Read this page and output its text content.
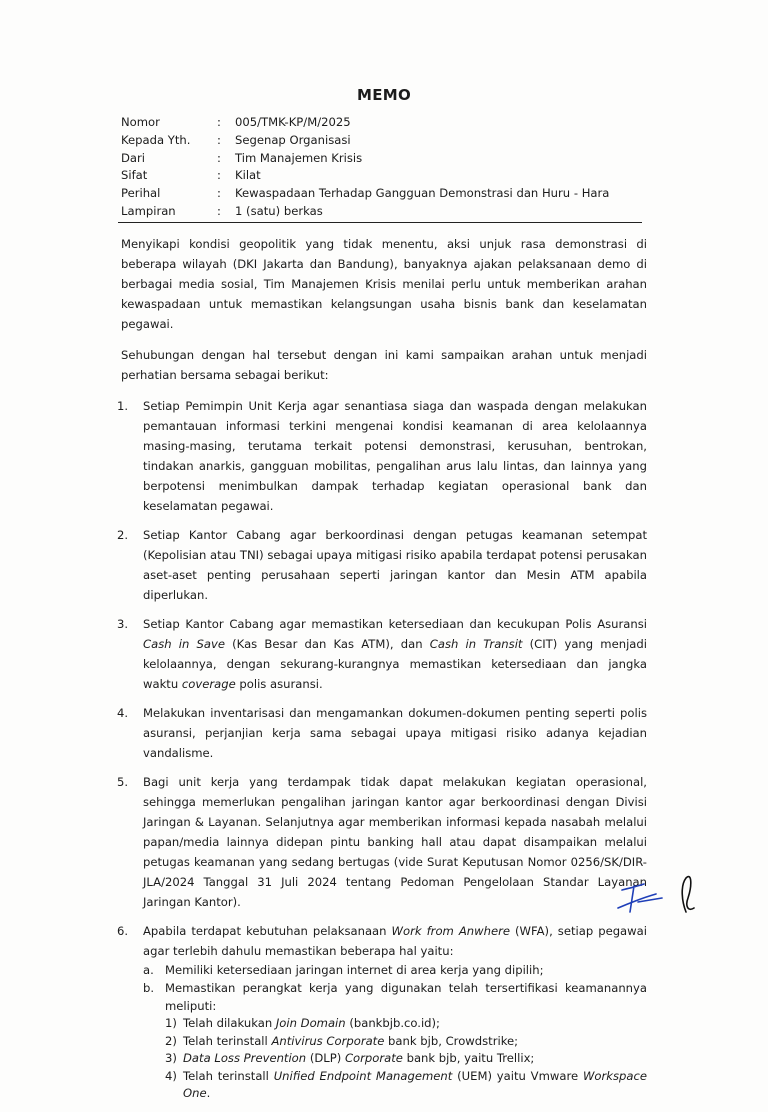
MEMO
Nomor	:	005/TMK-KP/M/2025
Kepada Yth.	:	Segenap Organisasi
Dari	:	Tim Manajemen Krisis
Sifat	:	Kilat
Perihal	:	Kewaspadaan Terhadap Gangguan Demonstrasi dan Huru - Hara
Lampiran	:	1 (satu) berkas

Menyikapi kondisi geopolitik yang tidak menentu, aksi unjuk rasa demonstrasi di beberapa wilayah (DKI Jakarta dan Bandung), banyaknya ajakan pelaksanaan demo di berbagai media sosial, Tim Manajemen Krisis menilai perlu untuk memberikan arahan kewaspadaan untuk memastikan kelangsungan usaha bisnis bank dan keselamatan pegawai.

Sehubungan dengan hal tersebut dengan ini kami sampaikan arahan untuk menjadi perhatian bersama sebagai berikut:

1.	Setiap Pemimpin Unit Kerja agar senantiasa siaga dan waspada dengan melakukan pemantauan informasi terkini mengenai kondisi keamanan di area kelolaannya masing-masing, terutama terkait potensi demonstrasi, kerusuhan, bentrokan, tindakan anarkis, gangguan mobilitas, pengalihan arus lalu lintas, dan lainnya yang berpotensi menimbulkan dampak terhadap kegiatan operasional bank dan keselamatan pegawai.
2.	Setiap Kantor Cabang agar berkoordinasi dengan petugas keamanan setempat (Kepolisian atau TNI) sebagai upaya mitigasi risiko apabila terdapat potensi perusakan aset-aset penting perusahaan seperti jaringan kantor dan Mesin ATM apabila diperlukan.
3.	Setiap Kantor Cabang agar memastikan ketersediaan dan kecukupan Polis Asuransi Cash in Save (Kas Besar dan Kas ATM), dan Cash in Transit (CIT) yang menjadi kelolaannya, dengan sekurang-kurangnya memastikan ketersediaan dan jangka waktu coverage polis asuransi.
4.	Melakukan inventarisasi dan mengamankan dokumen-dokumen penting seperti polis asuransi, perjanjian kerja sama sebagai upaya mitigasi risiko adanya kejadian vandalisme.
5.	Bagi unit kerja yang terdampak tidak dapat melakukan kegiatan operasional, sehingga memerlukan pengalihan jaringan kantor agar berkoordinasi dengan Divisi Jaringan & Layanan. Selanjutnya agar memberikan informasi kepada nasabah melalui papan/media lainnya didepan pintu banking hall atau dapat disampaikan melalui petugas keamanan yang sedang bertugas (vide Surat Keputusan Nomor 0256/SK/DIR-JLA/2024 Tanggal 31 Juli 2024 tentang Pedoman Pengelolaan Standar Layanan Jaringan Kantor).
6.	Apabila terdapat kebutuhan pelaksanaan Work from Anwhere (WFA), setiap pegawai agar terlebih dahulu memastikan beberapa hal yaitu:
a. Memiliki ketersediaan jaringan internet di area kerja yang dipilih;
b. Memastikan perangkat kerja yang digunakan telah tersertifikasi keamanannya meliputi:
1) Telah dilakukan Join Domain (bankbjb.co.id);
2) Telah terinstall Antivirus Corporate bank bjb, Crowdstrike;
3) Data Loss Prevention (DLP) Corporate bank bjb, yaitu Trellix;
4) Telah terinstall Unified Endpoint Management (UEM) yaitu Vmware Workspace One.
